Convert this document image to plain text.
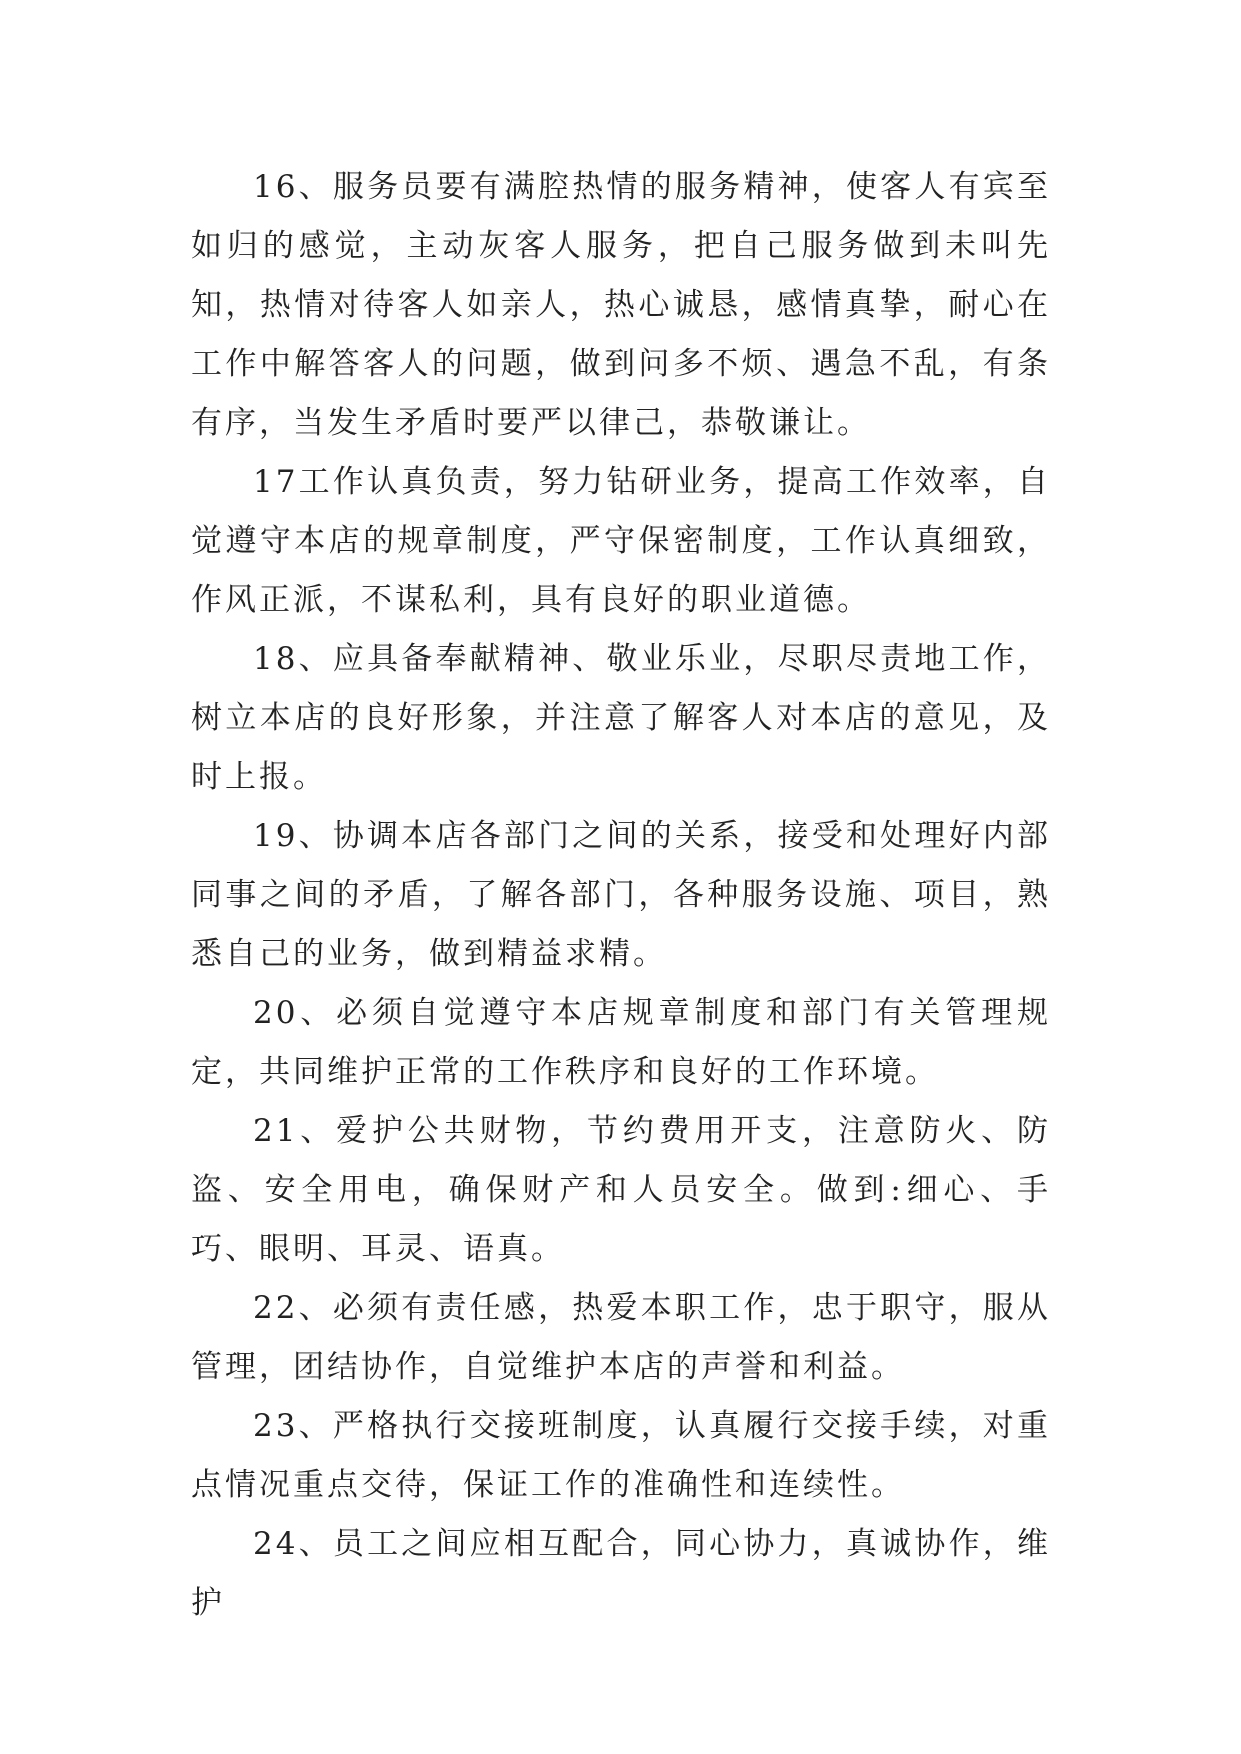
16、服务员要有满腔热情的服务精神，使客人有宾至如归的感觉，主动灰客人服务，把自己服务做到未叫先知，热情对待客人如亲人，热心诚恳，感情真挚，耐心在工作中解答客人的问题，做到问多不烦、遇急不乱，有条有序，当发生矛盾时要严以律己，恭敬谦让。

17工作认真负责，努力钻研业务，提高工作效率，自觉遵守本店的规章制度，严守保密制度，工作认真细致，作风正派，不谋私利，具有良好的职业道德。

18、应具备奉献精神、敬业乐业，尽职尽责地工作，树立本店的良好形象，并注意了解客人对本店的意见，及时上报。

19、协调本店各部门之间的关系，接受和处理好内部同事之间的矛盾，了解各部门，各种服务设施、项目，熟悉自己的业务，做到精益求精。

20、必须自觉遵守本店规章制度和部门有关管理规定，共同维护正常的工作秩序和良好的工作环境。

21、爱护公共财物，节约费用开支，注意防火、防盗、安全用电，确保财产和人员安全。做到:细心、手巧、眼明、耳灵、语真。

22、必须有责任感，热爱本职工作，忠于职守，服从管理，团结协作，自觉维护本店的声誉和利益。

23、严格执行交接班制度，认真履行交接手续，对重点情况重点交待，保证工作的准确性和连续性。

24、员工之间应相互配合，同心协力，真诚协作，维护
